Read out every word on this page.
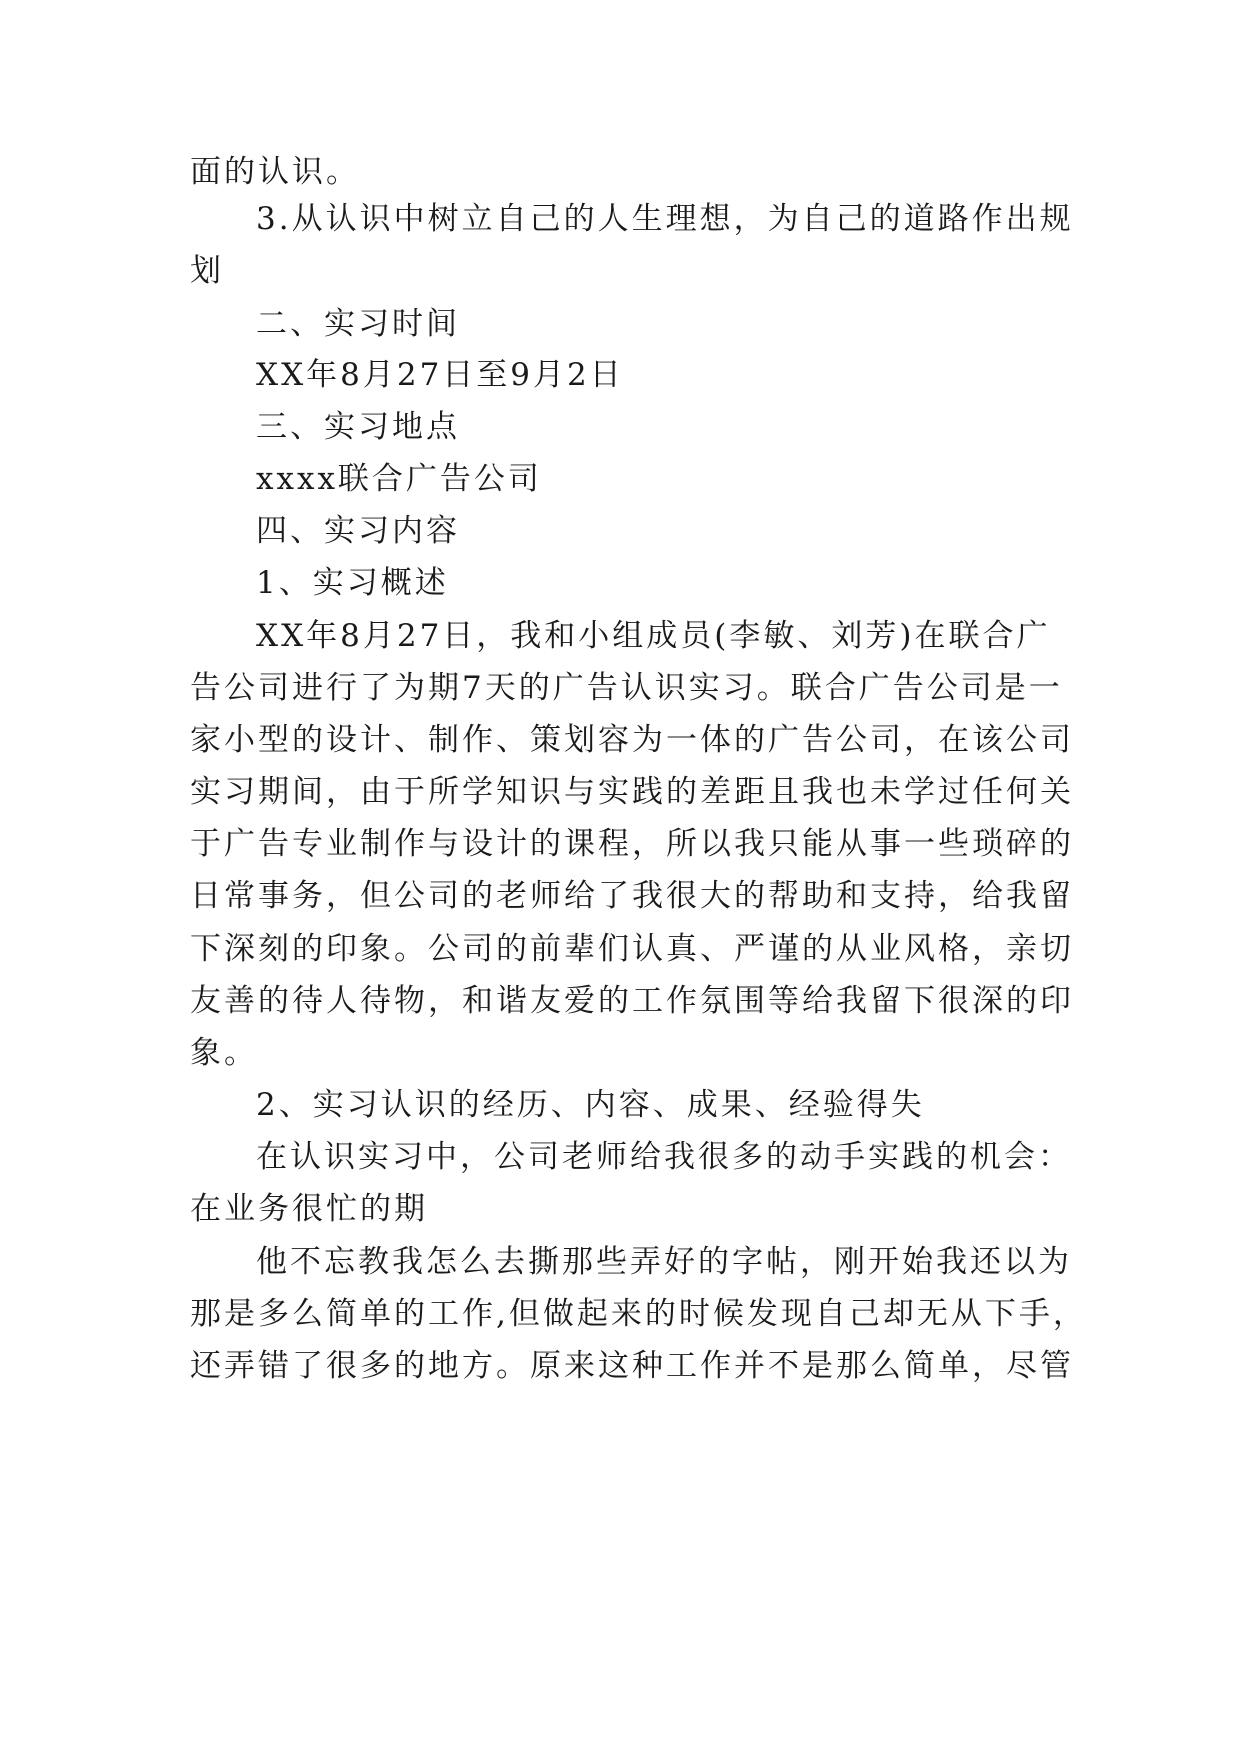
面的认识。
3.从认识中树立自己的人生理想，为自己的道路作出规
划
二、实习时间
XX年8月27日至9月2日
三、实习地点
xxxx联合广告公司
四、实习内容
1、实习概述
XX年8月27日，我和小组成员(李敏、刘芳)在联合广
告公司进行了为期7天的广告认识实习。联合广告公司是一
家小型的设计、制作、策划容为一体的广告公司，在该公司
实习期间，由于所学知识与实践的差距且我也未学过任何关
于广告专业制作与设计的课程，所以我只能从事一些琐碎的
日常事务，但公司的老师给了我很大的帮助和支持，给我留
下深刻的印象。公司的前辈们认真、严谨的从业风格，亲切
友善的待人待物，和谐友爱的工作氛围等给我留下很深的印
象。
2、实习认识的经历、内容、成果、经验得失
在认识实习中，公司老师给我很多的动手实践的机会：
在业务很忙的期
他不忘教我怎么去撕那些弄好的字帖，刚开始我还以为
那是多么简单的工作,但做起来的时候发现自己却无从下手，
还弄错了很多的地方。原来这种工作并不是那么简单，尽管
